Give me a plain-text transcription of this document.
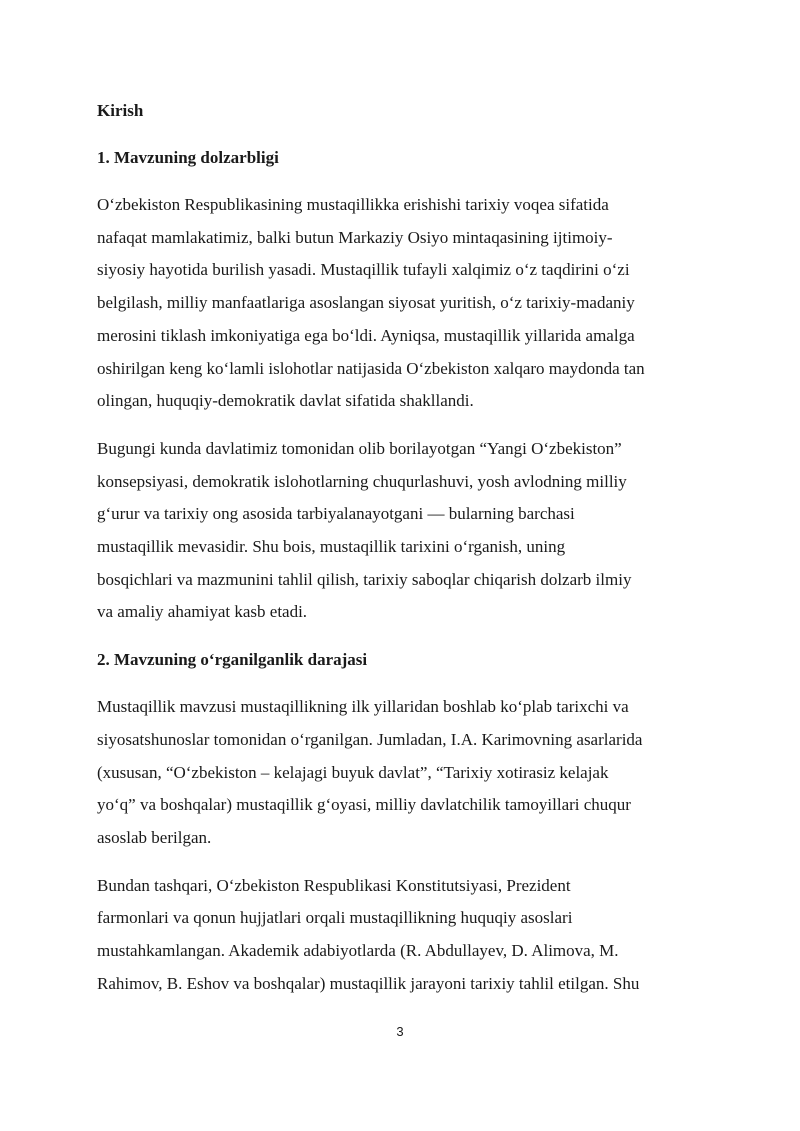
Kirish
1. Mavzuning dolzarbligi

O‘zbekiston Respublikasining mustaqillikka erishishi tarixiy voqea sifatida
nafaqat mamlakatimiz, balki butun Markaziy Osiyo mintaqasining ijtimoiy-
siyosiy hayotida burilish yasadi. Mustaqillik tufayli xalqimiz o‘z taqdirini o‘zi
belgilash, milliy manfaatlariga asoslangan siyosat yuritish, o‘z tarixiy-madaniy
merosini tiklash imkoniyatiga ega bo‘ldi. Ayniqsa, mustaqillik yillarida amalga
oshirilgan keng ko‘lamli islohotlar natijasida O‘zbekiston xalqaro maydonda tan
olingan, huquqiy-demokratik davlat sifatida shakllandi.

Bugungi kunda davlatimiz tomonidan olib borilayotgan “Yangi O‘zbekiston”
konsepsiyasi, demokratik islohotlarning chuqurlashuvi, yosh avlodning milliy
g‘urur va tarixiy ong asosida tarbiyalanayotgani — bularning barchasi
mustaqillik mevasidir. Shu bois, mustaqillik tarixini o‘rganish, uning
bosqichlari va mazmunini tahlil qilish, tarixiy saboqlar chiqarish dolzarb ilmiy
va amaliy ahamiyat kasb etadi.

2. Mavzuning o‘rganilganlik darajasi

Mustaqillik mavzusi mustaqillikning ilk yillaridan boshlab ko‘plab tarixchi va
siyosatshunoslar tomonidan o‘rganilgan. Jumladan, I.A. Karimovning asarlarida
(xususan, “O‘zbekiston – kelajagi buyuk davlat”, “Tarixiy xotirasiz kelajak
yo‘q” va boshqalar) mustaqillik g‘oyasi, milliy davlatchilik tamoyillari chuqur
asoslab berilgan.

Bundan tashqari, O‘zbekiston Respublikasi Konstitutsiyasi, Prezident
farmonlari va qonun hujjatlari orqali mustaqillikning huquqiy asoslari
mustahkamlangan. Akademik adabiyotlarda (R. Abdullayev, D. Alimova, M.
Rahimov, B. Eshov va boshqalar) mustaqillik jarayoni tarixiy tahlil etilgan. Shu

3
